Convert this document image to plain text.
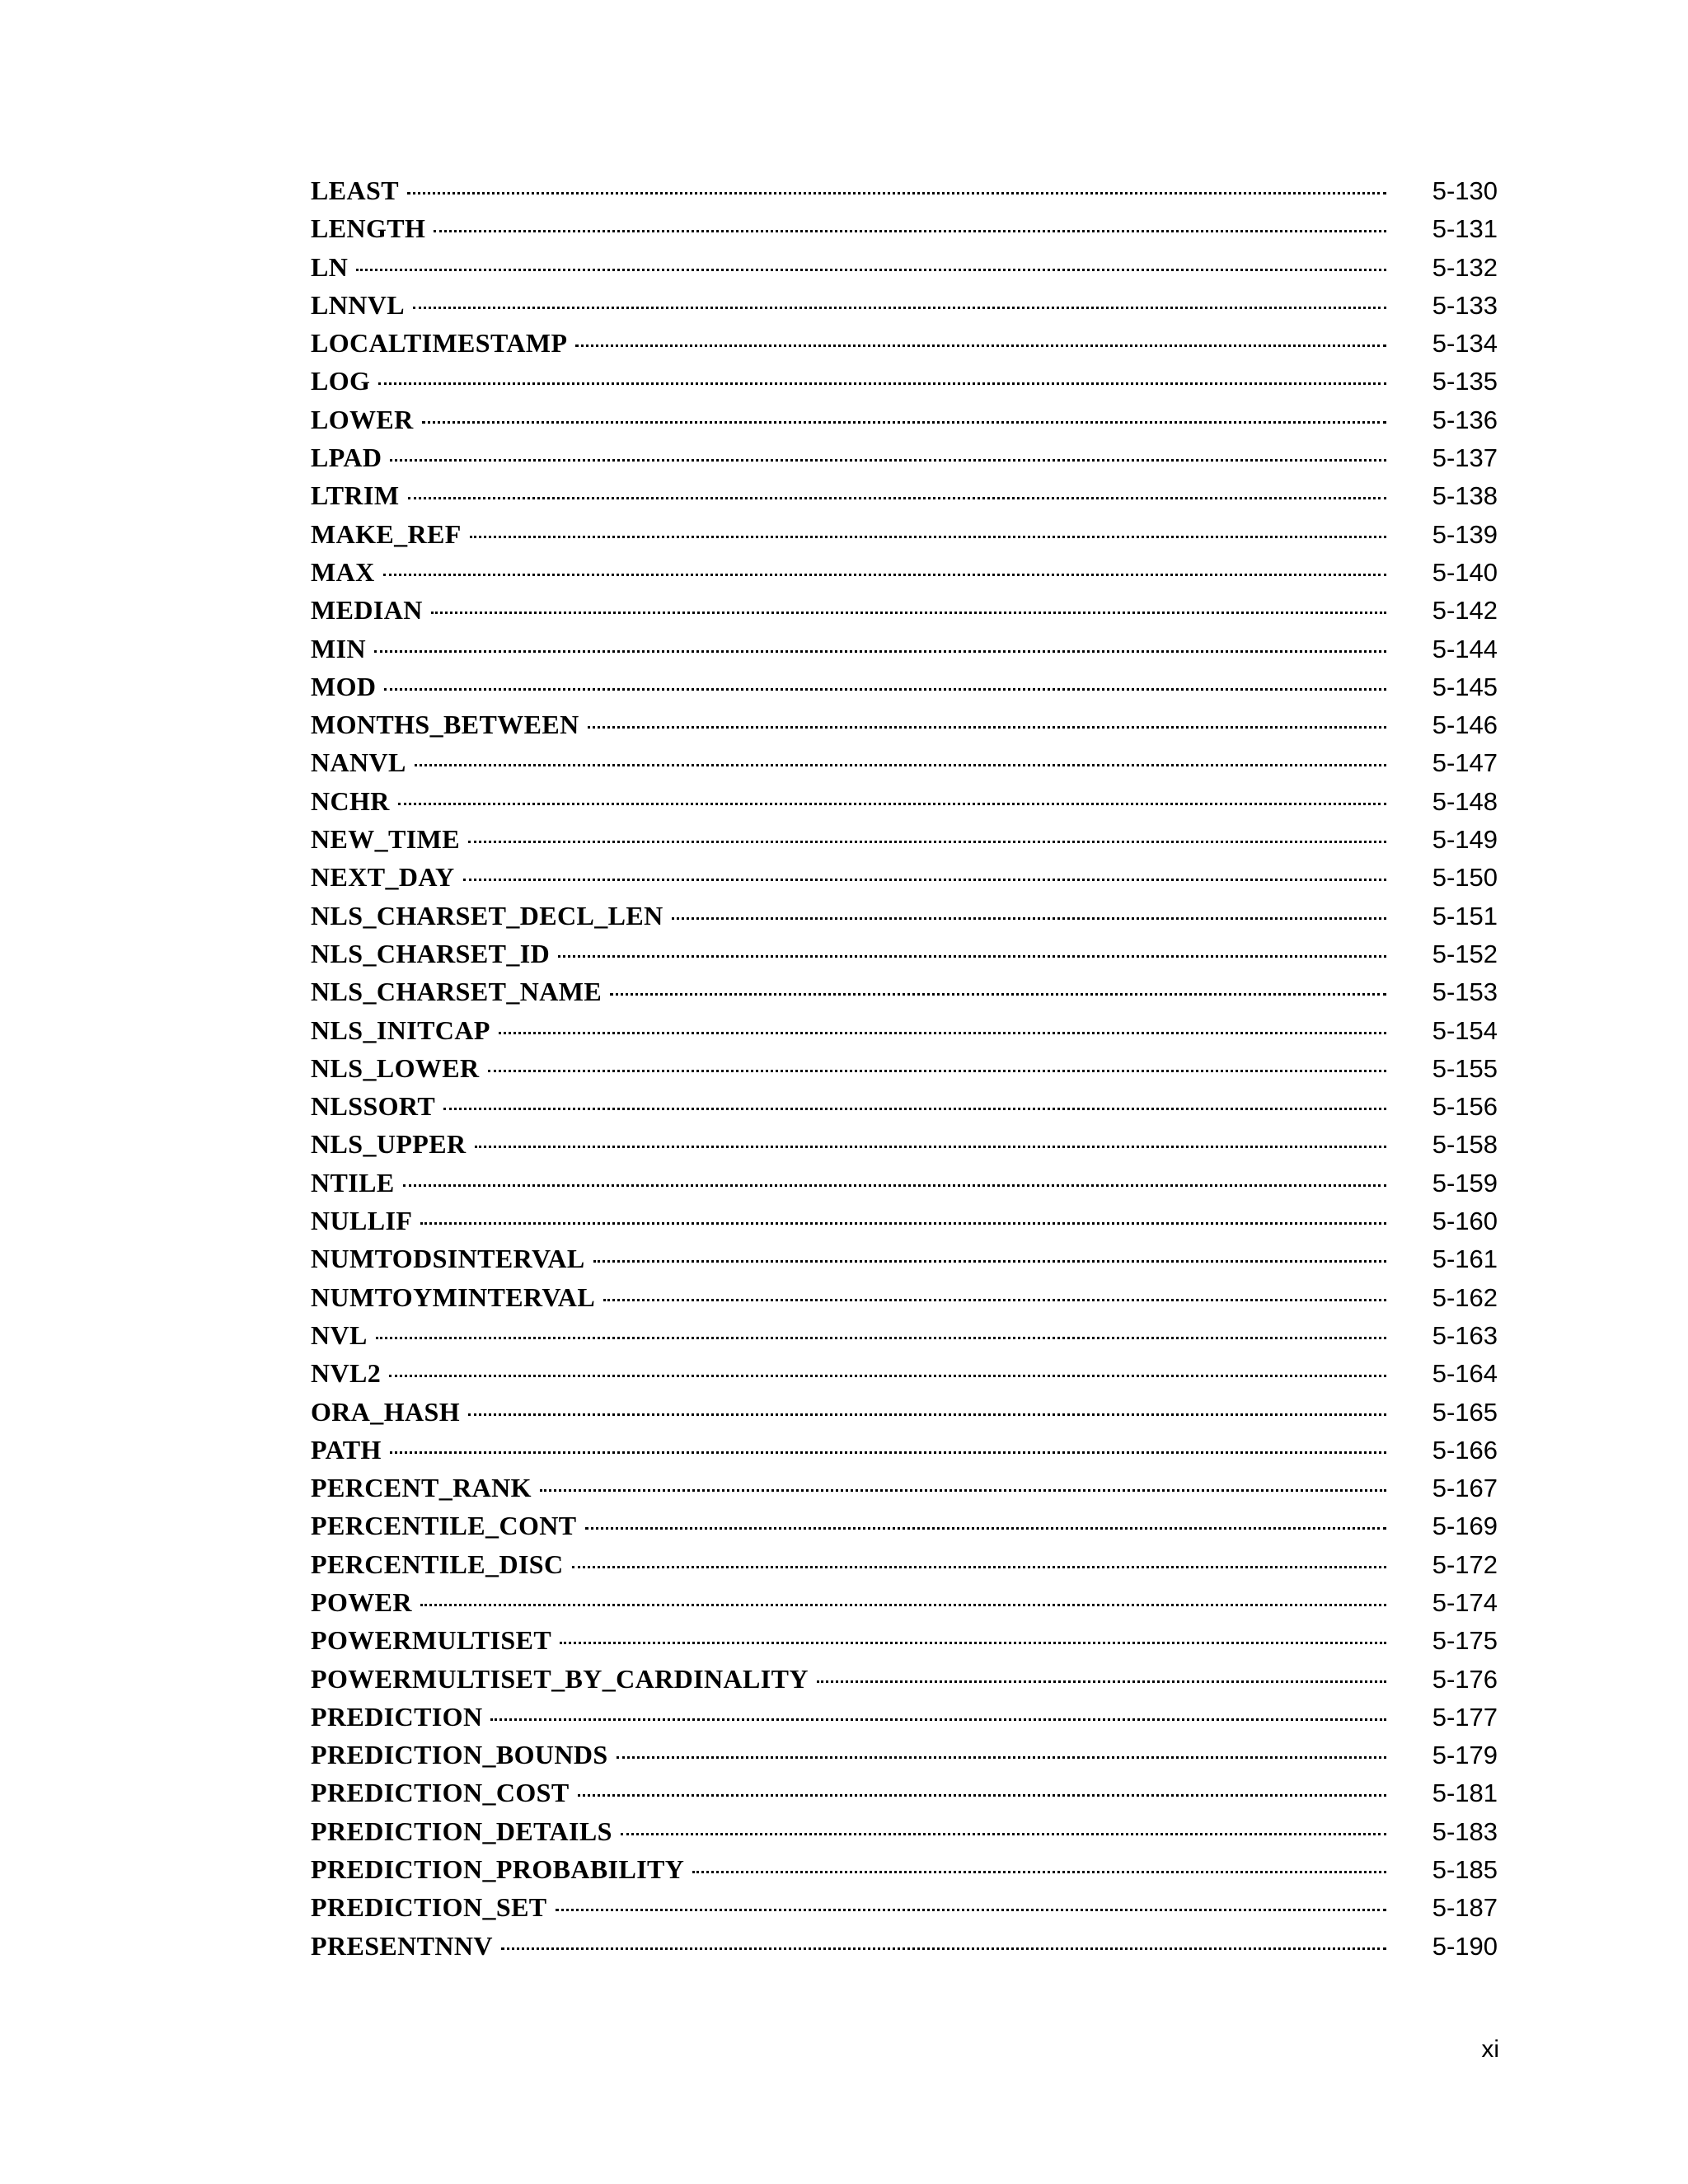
LEAST	5-130
LENGTH	5-131
LN	5-132
LNNVL	5-133
LOCALTIMESTAMP	5-134
LOG	5-135
LOWER	5-136
LPAD	5-137
LTRIM	5-138
MAKE_REF	5-139
MAX	5-140
MEDIAN	5-142
MIN	5-144
MOD	5-145
MONTHS_BETWEEN	5-146
NANVL	5-147
NCHR	5-148
NEW_TIME	5-149
NEXT_DAY	5-150
NLS_CHARSET_DECL_LEN	5-151
NLS_CHARSET_ID	5-152
NLS_CHARSET_NAME	5-153
NLS_INITCAP	5-154
NLS_LOWER	5-155
NLSSORT	5-156
NLS_UPPER	5-158
NTILE	5-159
NULLIF	5-160
NUMTODSINTERVAL	5-161
NUMTOYMINTERVAL	5-162
NVL	5-163
NVL2	5-164
ORA_HASH	5-165
PATH	5-166
PERCENT_RANK	5-167
PERCENTILE_CONT	5-169
PERCENTILE_DISC	5-172
POWER	5-174
POWERMULTISET	5-175
POWERMULTISET_BY_CARDINALITY	5-176
PREDICTION	5-177
PREDICTION_BOUNDS	5-179
PREDICTION_COST	5-181
PREDICTION_DETAILS	5-183
PREDICTION_PROBABILITY	5-185
PREDICTION_SET	5-187
PRESENTNNV	5-190
xi
